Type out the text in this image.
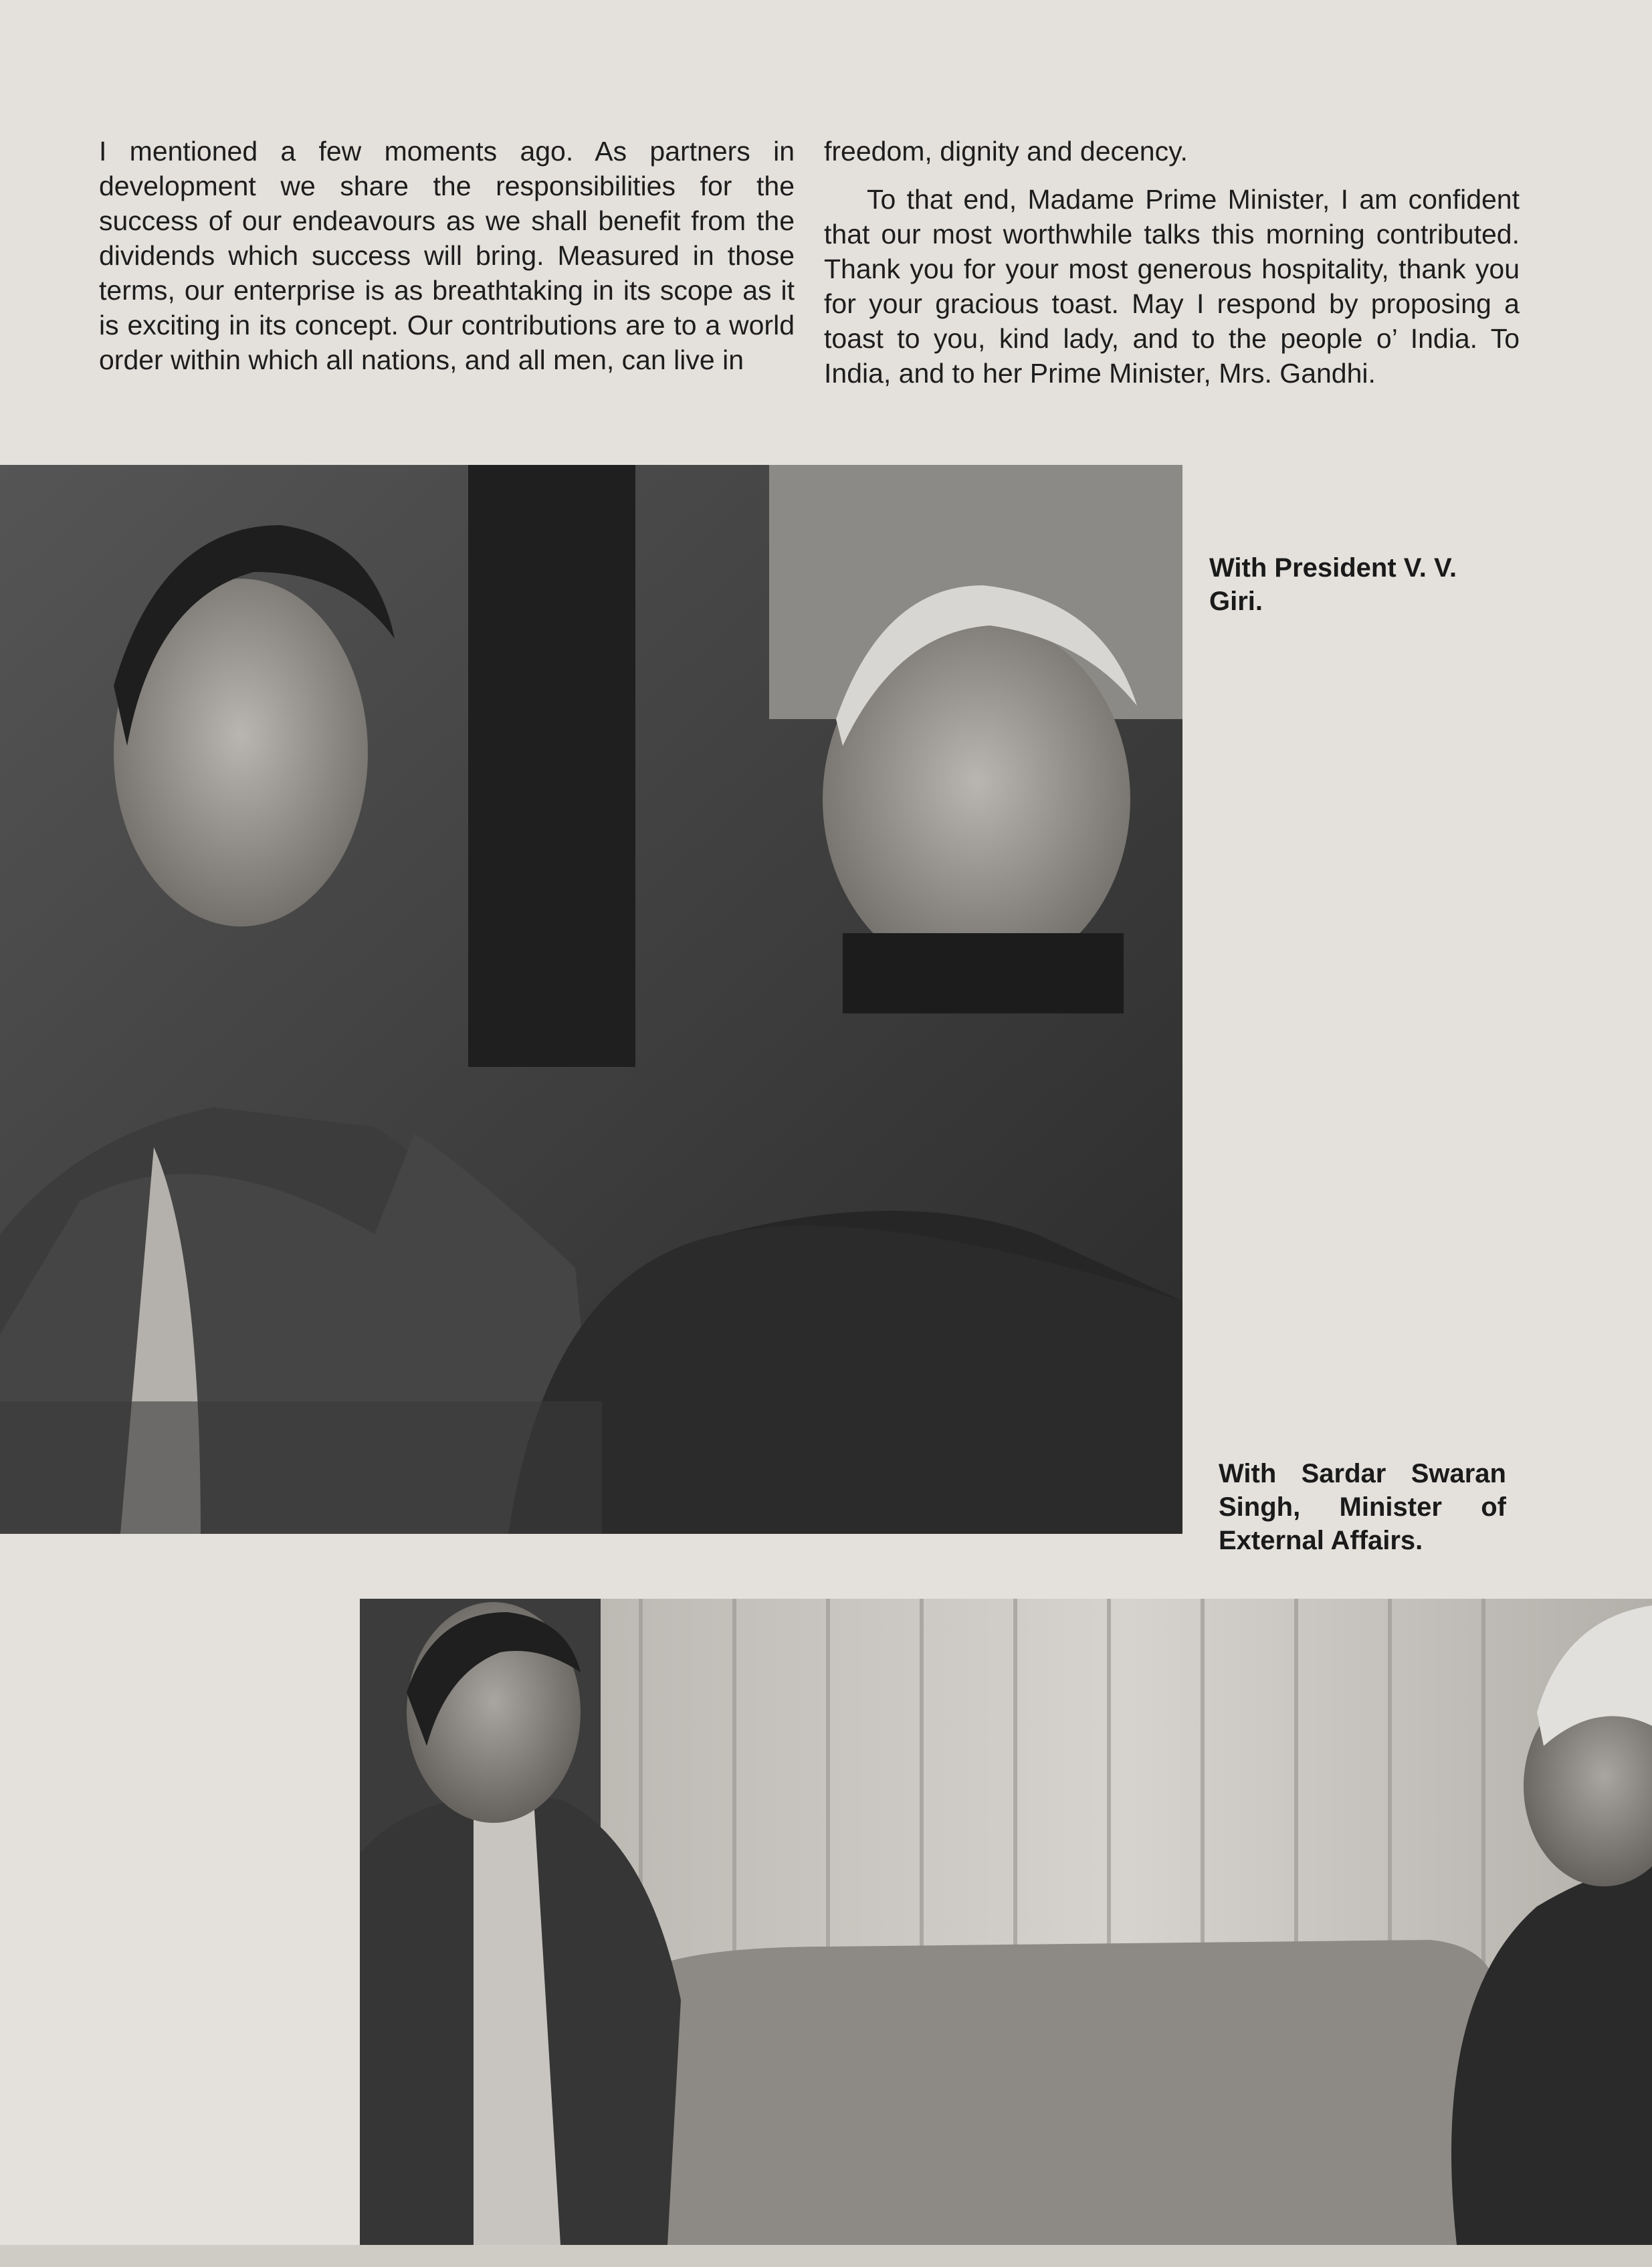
I mentioned a few moments ago. As partners in development we share the responsibilities for the success of our endeavours as we shall benefit from the dividends which success will bring. Measured in those terms, our enterprise is as breathtaking in its scope as it is exciting in its concept. Our contributions are to a world order within which all nations, and all men, can live in

freedom, dignity and decency.

To that end, Madame Prime Minister, I am confident that our most worthwhile talks this morning contributed. Thank you for your most generous hospitality, thank you for your gracious toast. May I respond by proposing a toast to you, kind lady, and to the people o’ India. To India, and to her Prime Minister, Mrs. Gandhi.

With President V. V. Giri.

With Sardar Swaran Singh, Minister of External Affairs.
